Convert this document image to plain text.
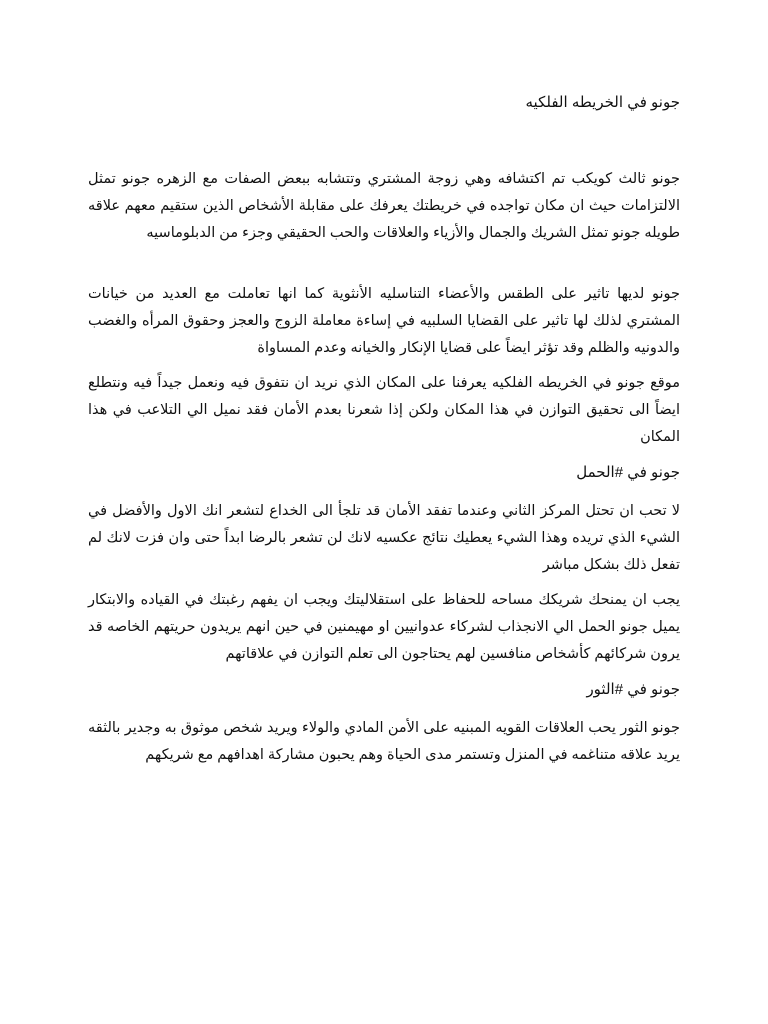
جونو في الخريطه الفلكيه

جونو ثالث كويكب تم اكتشافه وهي زوجة المشتري وتتشابه ببعض الصفات مع الزهره جونو تمثل الالتزامات حيث ان مكان تواجده في خريطتك يعرفك على مقابلة الأشخاص الذين ستقيم معهم علاقه طويله جونو تمثل الشريك والجمال والأزياء والعلاقات والحب الحقيقي وجزء من الدبلوماسيه

جونو لديها تاثير على الطقس والأعضاء التناسليه الأنثوية كما انها تعاملت مع العديد من خيانات المشتري لذلك لها تاثير على القضايا السلبيه في إساءة معاملة الزوج والعجز وحقوق المرأه والغضب والدونيه والظلم وقد تؤثر ايضاً على قضايا الإنكار والخيانه وعدم المساواة

موقع جونو في الخريطه الفلكيه يعرفنا على المكان الذي نريد ان نتفوق فيه ونعمل جيداً فيه ونتطلع ايضاً الى تحقيق التوازن في هذا المكان ولكن إذا شعرنا بعدم الأمان فقد نميل الي التلاعب في هذا المكان

جونو في #الحمل

لا تحب ان تحتل المركز الثاني وعندما تفقد الأمان قد تلجأ الى الخداع لتشعر انك الاول والأفضل في الشيء الذي تريده وهذا الشيء يعطيك نتائج عكسيه لانك لن تشعر بالرضا ابداً حتى وان فزت لانك لم تفعل ذلك بشكل مباشر

يجب ان يمنحك شريكك مساحه للحفاظ على استقلاليتك ويجب ان يفهم رغبتك في القياده والابتكار يميل جونو الحمل الي الانجذاب لشركاء عدوانيين او مهيمنين في حين انهم يريدون حريتهم الخاصه قد يرون شركائهم كأشخاص منافسين لهم يحتاجون الى تعلم التوازن في علاقاتهم

جونو في #الثور

جونو الثور يحب العلاقات القويه المبنيه على الأمن المادي والولاء ويريد شخص موثوق به وجدير بالثقه يريد علاقه متناغمه في المنزل وتستمر مدى الحياة وهم يحبون مشاركة اهدافهم مع شريكهم
